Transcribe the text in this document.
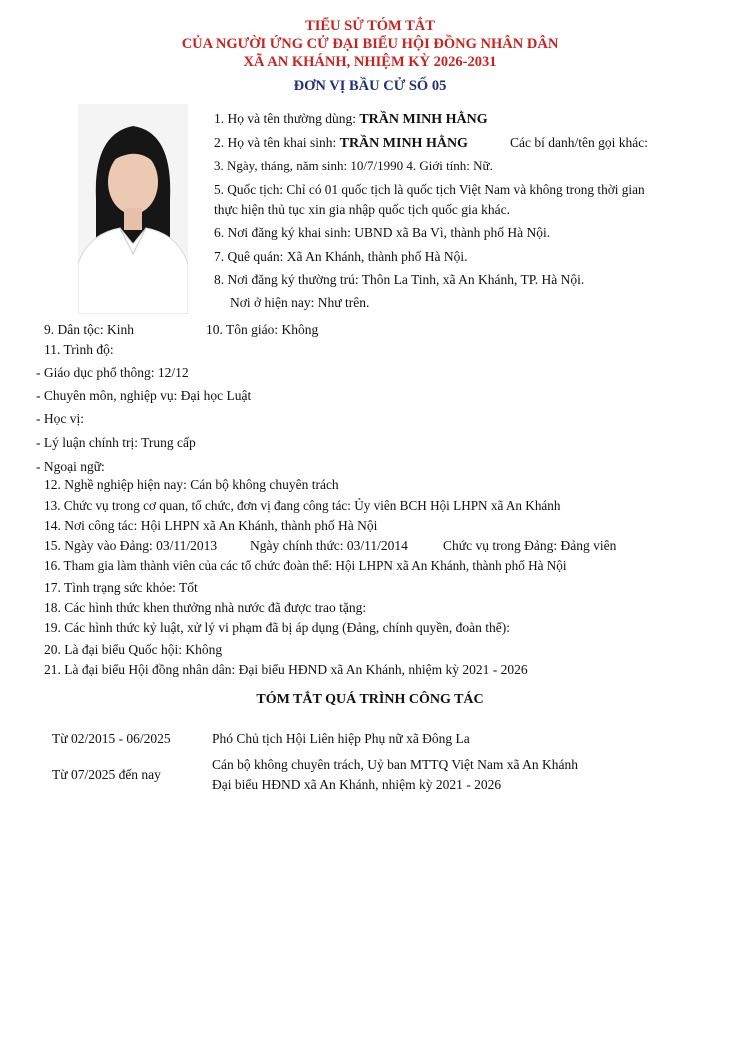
TIỂU SỬ TÓM TẮT
CỦA NGƯỜI ỨNG CỬ ĐẠI BIỂU HỘI ĐỒNG NHÂN DÂN
XÃ AN KHÁNH, NHIỆM KỲ 2026-2031
ĐƠN VỊ BẦU CỬ SỐ 05
1. Họ và tên thường dùng: TRẦN MINH HẰNG
2. Họ và tên khai sinh: TRẦN MINH HẰNG	Các bí danh/tên gọi khác:
3. Ngày, tháng, năm sinh: 10/7/1990 4. Giới tính: Nữ.
5. Quốc tịch: Chỉ có 01 quốc tịch là quốc tịch Việt Nam và không trong thời gian
thực hiện thủ tục xin gia nhập quốc tịch quốc gia khác.
6. Nơi đăng ký khai sinh: UBND xã Ba Vì, thành phố Hà Nội.
7. Quê quán: Xã An Khánh, thành phố Hà Nội.
8. Nơi đăng ký thường trú: Thôn La Tinh, xã An Khánh, TP. Hà Nội.
Nơi ở hiện nay: Như trên.
9. Dân tộc: Kinh	10. Tôn giáo: Không
11. Trình độ:
- Giáo dục phổ thông: 12/12
- Chuyên môn, nghiệp vụ: Đại học Luật
- Học vị:
- Lý luận chính trị: Trung cấp
- Ngoại ngữ:
12. Nghề nghiệp hiện nay: Cán bộ không chuyên trách
13. Chức vụ trong cơ quan, tổ chức, đơn vị đang công tác: Ủy viên BCH Hội LHPN xã An Khánh
14. Nơi công tác: Hội LHPN xã An Khánh, thành phố Hà Nội
15. Ngày vào Đảng: 03/11/2013 Ngày chính thức: 03/11/2014	Chức vụ trong Đảng: Đảng viên
16. Tham gia làm thành viên của các tổ chức đoàn thể: Hội LHPN xã An Khánh, thành phố Hà Nội
17. Tình trạng sức khỏe: Tốt
18. Các hình thức khen thưởng nhà nước đã được trao tặng:
19. Các hình thức kỷ luật, xử lý vi phạm đã bị áp dụng (Đảng, chính quyền, đoàn thể):
20. Là đại biểu Quốc hội: Không
21. Là đại biểu Hội đồng nhân dân: Đại biểu HĐND xã An Khánh, nhiệm kỳ 2021 - 2026
TÓM TẮT QUÁ TRÌNH CÔNG TÁC
Từ 02/2015 - 06/2025	Phó Chủ tịch Hội Liên hiệp Phụ nữ xã Đông La
Từ 07/2025 đến nay
Cán bộ không chuyên trách, Uỷ ban MTTQ Việt Nam xã An Khánh
Đại biểu HĐND xã An Khánh, nhiệm kỳ 2021 - 2026
